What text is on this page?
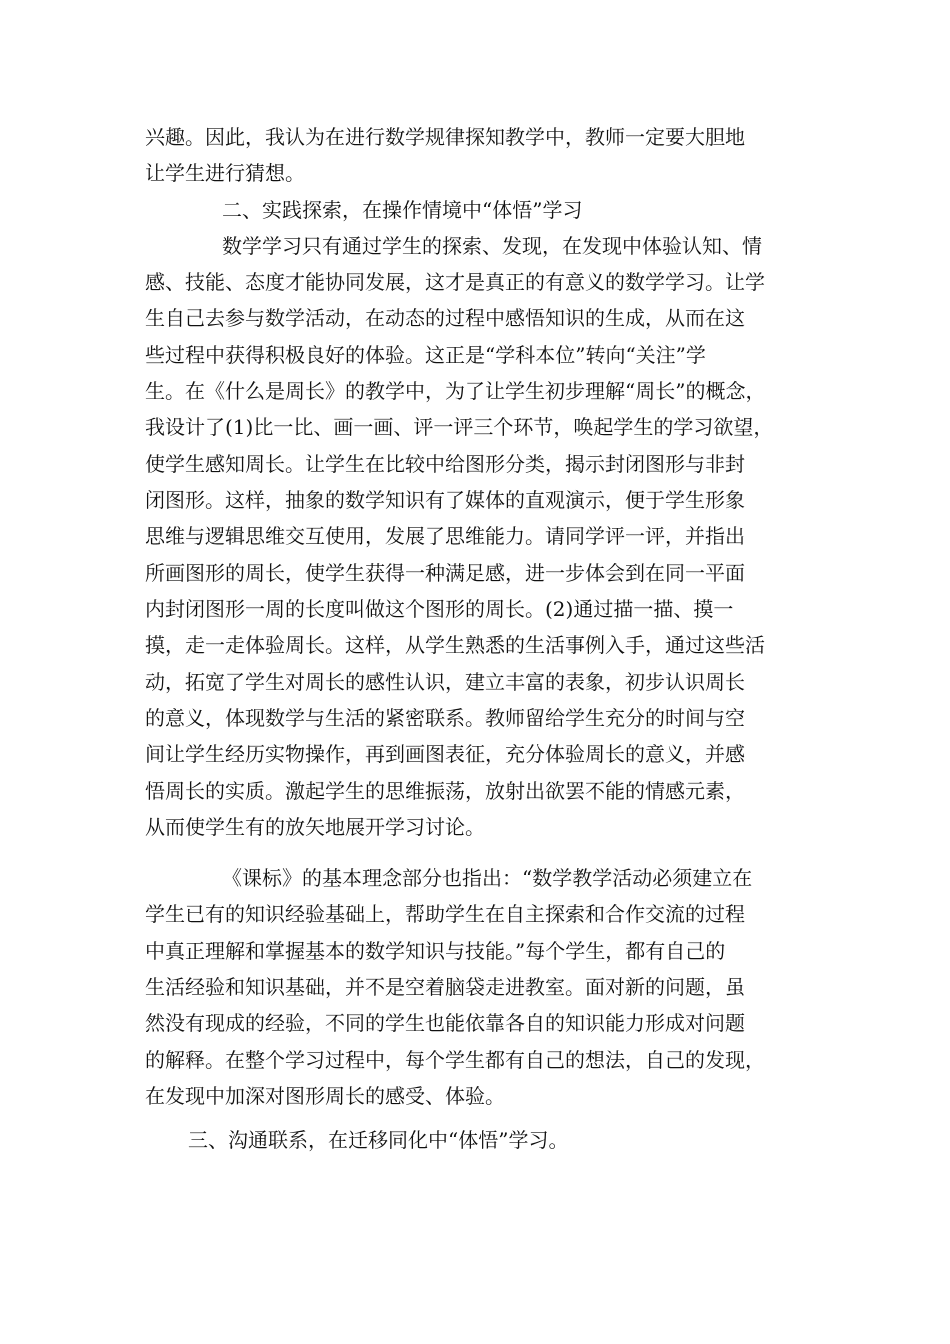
兴趣。因此，我认为在进行数学规律探知教学中，教师一定要大胆地

让学生进行猜想。

二、实践探索，在操作情境中“体悟”学习

数学学习只有通过学生的探索、发现，在发现中体验认知、情

感、技能、态度才能协同发展，这才是真正的有意义的数学学习。让学

生自己去参与数学活动，在动态的过程中感悟知识的生成，从而在这

些过程中获得积极良好的体验。这正是“学科本位”转向“关注”学

生。在《什么是周长》的教学中，为了让学生初步理解“周长”的概念，

我设计了(1)比一比、画一画、评一评三个环节，唤起学生的学习欲望，

使学生感知周长。让学生在比较中给图形分类，揭示封闭图形与非封

闭图形。这样，抽象的数学知识有了媒体的直观演示，便于学生形象

思维与逻辑思维交互使用，发展了思维能力。请同学评一评，并指出

所画图形的周长，使学生获得一种满足感，进一步体会到在同一平面

内封闭图形一周的长度叫做这个图形的周长。(2)通过描一描、摸一

摸，走一走体验周长。这样，从学生熟悉的生活事例入手，通过这些活

动，拓宽了学生对周长的感性认识，建立丰富的表象，初步认识周长

的意义，体现数学与生活的紧密联系。教师留给学生充分的时间与空

间让学生经历实物操作，再到画图表征，充分体验周长的意义，并感

悟周长的实质。激起学生的思维振荡，放射出欲罢不能的情感元素，

从而使学生有的放矢地展开学习讨论。

《课标》的基本理念部分也指出：“数学教学活动必须建立在

学生已有的知识经验基础上，帮助学生在自主探索和合作交流的过程

中真正理解和掌握基本的数学知识与技能。”每个学生，都有自己的

生活经验和知识基础，并不是空着脑袋走进教室。面对新的问题，虽

然没有现成的经验，不同的学生也能依靠各自的知识能力形成对问题

的解释。在整个学习过程中，每个学生都有自己的想法，自己的发现，

在发现中加深对图形周长的感受、体验。

三、沟通联系，在迁移同化中“体悟”学习。
